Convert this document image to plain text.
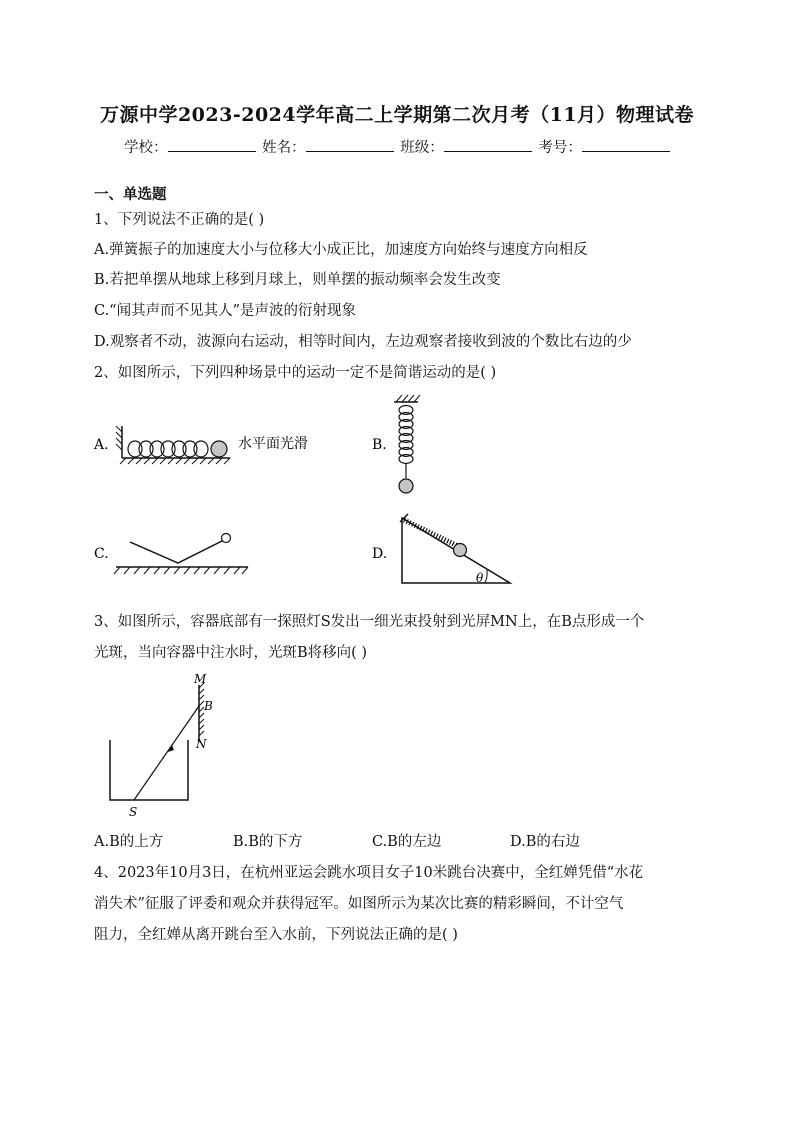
万源中学2023-2024学年高二上学期第二次月考（11月）物理试卷
学校：	姓名：	班级：	考号：
一、单选题
1、下列说法不正确的是( )
A.弹簧振子的加速度大小与位移大小成正比，加速度方向始终与速度方向相反
B.若把单摆从地球上移到月球上，则单摆的振动频率会发生改变
C.“闻其声而不见其人”是声波的衍射现象
D.观察者不动，波源向右运动，相等时间内，左边观察者接收到波的个数比右边的少
2、如图所示，下列四种场景中的运动一定不是简谐运动的是( )
A.	水平面光滑	B.
C.	D.
θ
3、如图所示，容器底部有一探照灯S发出一细光束投射到光屏MN上，在B点形成一个
光斑，当向容器中注水时，光斑B将移向( )
M
B
N
S
A.B的上方	B.B的下方	C.B的左边	D.B的右边
4、2023年10月3日，在杭州亚运会跳水项目女子10米跳台决赛中，全红婵凭借“水花
消失术”征服了评委和观众并获得冠军。如图所示为某次比赛的精彩瞬间，不计空气
阻力，全红婵从离开跳台至入水前，下列说法正确的是( )
